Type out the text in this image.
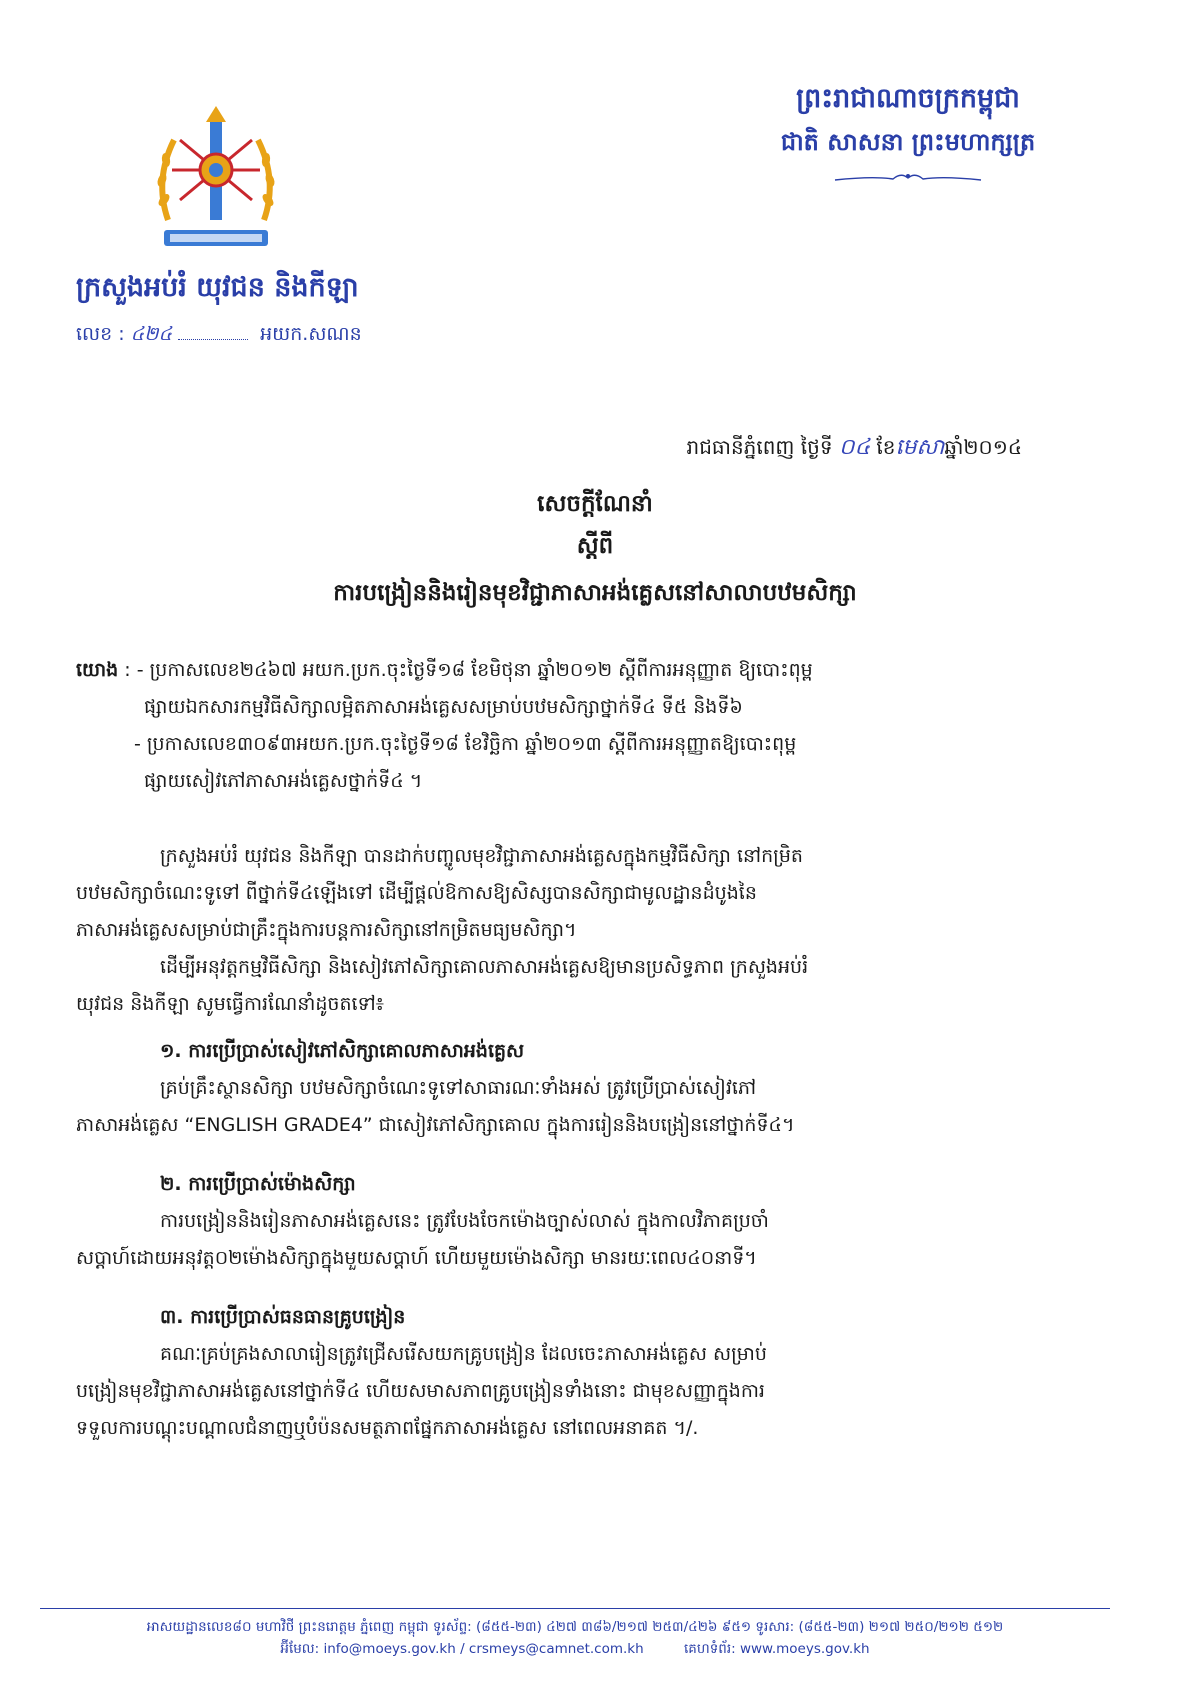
ព្រះរាជាណាចក្រកម្ពុជា
ជាតិ សាសនា ព្រះមហាក្សត្រ
ក្រសួងអប់រំ យុវជន និងកីឡា
លេខ : ៤២៤	អយក.សណន
រាជធានីភ្នំពេញ ថ្ងៃទី ០៤ ខែមេសាឆ្នាំ២០១៤
សេចក្តីណែនាំ
ស្តីពី
ការបង្រៀននិងរៀនមុខវិជ្ជាភាសាអង់គ្លេសនៅសាលាបឋមសិក្សា
យោង : - ប្រកាសលេខ២៤៦៧ អយក.ប្រក.ចុះថ្ងៃទី១៨ ខែមិថុនា ឆ្នាំ២០១២ ស្តីពីការអនុញ្ញាត ឱ្យបោះពុម្ព
ផ្សាយឯកសារកម្មវិធីសិក្សាលម្អិតភាសាអង់គ្លេសសម្រាប់បឋមសិក្សាថ្នាក់ទី៤ ទី៥ និងទី៦
- ប្រកាសលេខ៣០៩៣អយក.ប្រក.ចុះថ្ងៃទី១៨ ខែវិច្ឆិកា ឆ្នាំ២០១៣ ស្តីពីការអនុញ្ញាតឱ្យបោះពុម្ព
ផ្សាយសៀវភៅភាសាអង់គ្លេសថ្នាក់ទី៤ ។

ក្រសួងអប់រំ យុវជន និងកីឡា បានដាក់បញ្ចូលមុខវិជ្ជាភាសាអង់គ្លេសក្នុងកម្មវិធីសិក្សា នៅកម្រិត

បឋមសិក្សាចំណេះទូទៅ ពីថ្នាក់ទី៤ឡើងទៅ ដើម្បីផ្តល់ឱកាសឱ្យសិស្សបានសិក្សាជាមូលដ្ឋានដំបូងនៃ

ភាសាអង់គ្លេសសម្រាប់ជាគ្រឹះក្នុងការបន្តការសិក្សានៅកម្រិតមធ្យមសិក្សា។

ដើម្បីអនុវត្តកម្មវិធីសិក្សា និងសៀវភៅសិក្សាគោលភាសាអង់គ្លេសឱ្យមានប្រសិទ្ធភាព ក្រសួងអប់រំ

យុវជន និងកីឡា សូមធ្វើការណែនាំដូចតទៅ៖

១. ការប្រើប្រាស់សៀវភៅសិក្សាគោលភាសាអង់គ្លេស

គ្រប់គ្រឹះស្ថានសិក្សា បឋមសិក្សាចំណេះទូទៅសាធារណៈទាំងអស់ ត្រូវប្រើប្រាស់សៀវភៅ

ភាសាអង់គ្លេស “ENGLISH GRADE4” ជាសៀវភៅសិក្សាគោល ក្នុងការរៀននិងបង្រៀននៅថ្នាក់ទី៤។

២. ការប្រើប្រាស់ម៉ោងសិក្សា

ការបង្រៀននិងរៀនភាសាអង់គ្លេសនេះ ត្រូវបែងចែកម៉ោងច្បាស់លាស់ ក្នុងកាលវិភាគប្រចាំ

សប្តាហ៍ដោយអនុវត្ត០២ម៉ោងសិក្សាក្នុងមួយសប្តាហ៍ ហើយមួយម៉ោងសិក្សា មានរយៈពេល៤០នាទី។

៣. ការប្រើប្រាស់ធនធានគ្រូបង្រៀន

គណៈគ្រប់គ្រងសាលារៀនត្រូវជ្រើសរើសយកគ្រូបង្រៀន ដែលចេះភាសាអង់គ្លេស សម្រាប់

បង្រៀនមុខវិជ្ជាភាសាអង់គ្លេសនៅថ្នាក់ទី៤ ហើយសមាសភាពគ្រូបង្រៀនទាំងនោះ ជាមុខសញ្ញាក្នុងការ

ទទួលការបណ្តុះបណ្តាលជំនាញឬបំប៉នសមត្ថភាពផ្នែកភាសាអង់គ្លេស នៅពេលអនាគត ។/.

អាសយដ្ឋានលេខ៨០ មហាវិថី ព្រះនរោត្តម ភ្នំពេញ កម្ពុជា ទូរស័ព្ទ: (៨៥៥-២៣) ៤២៧ ៣៨៦/២១៧ ២៥៣/៤២៦ ៩៥១ ទូរសារ: (៨៥៥-២៣) ២១៧ ២៥០/២១២ ៥១២
អ៊ីមែល: info@moeys.gov.kh / crsmeys@camnet.com.kh	គេហទំព័រ: www.moeys.gov.kh
